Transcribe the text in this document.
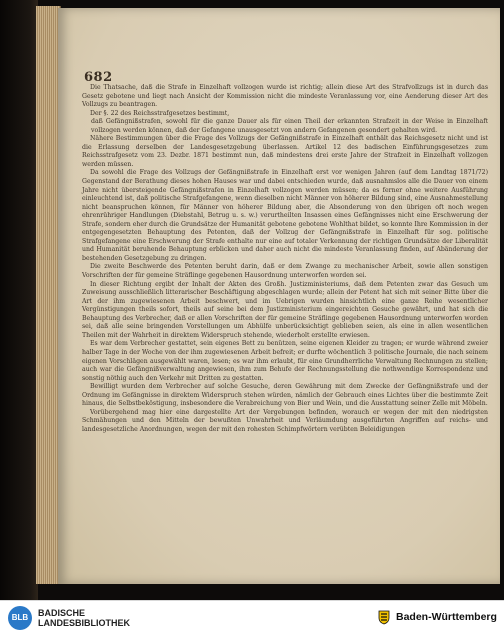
682

Die Thatsache, daß die Strafe in Einzelhaft vollzogen wurde ist richtig; allein diese Art des Strafvollzugs ist in durch das Gesetz gebotene und liegt nach Ansicht der Kommission nicht die mindeste Veranlassung vor, eine Aenderung dieser Art des Vollzugs zu beantragen.

Der §. 22 des Reichsstrafgesetzes bestimmt,

daß Gefängnißstrafen, sowohl für die ganze Dauer als für einen Theil der erkannten Strafzeit in der Weise in Einzelhaft vollzogen werden können, daß der Gefangene unausgesetzt von andern Gefangenen gesondert gehalten wird.

Nähere Bestimmungen über die Frage des Vollzugs der Gefängnißstrafe in Einzelhaft enthält das Reichsgesetz nicht und ist die Erlassung derselben der Landesgesetzgebung überlassen. Artikel 12 des badischen Einführungsgesetzes zum Reichsstrafgesetz vom 23. Dezbr. 1871 bestimmt nun, daß mindestens drei erste Jahre der Strafzeit in Einzelhaft vollzogen werden müssen.

Da sowohl die Frage des Vollzugs der Gefängnißstrafe in Einzelhaft erst vor wenigen Jahren (auf dem Landtag 1871/72) Gegenstand der Berathung dieses hohen Hauses war und dabei entschieden wurde, daß ausnahmslos alle die Dauer von einem Jahre nicht übersteigende Gefängnißstrafen in Einzelhaft vollzogen werden müssen; da es ferner ohne weitere Ausführung einleuchtend ist, daß politische Strafgefangene, wenn dieselben nicht Männer von höherer Bildung sind, eine Ausnahmestellung nicht beanspruchen können, für Männer von höherer Bildung aber, die Absonderung von den übrigen oft noch wegen ehrenrühriger Handlungen (Diebstahl, Betrug u. s. w.) verurtheilten Insassen eines Gefängnisses nicht eine Erschwerung der Strafe, sondern eher durch die Grundsätze der Humanität gebotene gebotene Wohlthat bildet, so konnte Ihre Kommission in der entgegengesetzten Behauptung des Petenten, daß der Vollzug der Gefängnißstrafe in Einzelhaft für sog. politische Strafgefangene eine Erschwerung der Strafe enthalte nur eine auf totaler Verkennung der richtigen Grundsätze der Liberalität und Humanität beruhende Behauptung erblicken und daher auch nicht die mindeste Veranlassung finden, auf Abänderung der bestehenden Gesetzgebung zu dringen.

Die zweite Beschwerde des Petenten beruht darin, daß er dem Zwange zu mechanischer Arbeit, sowie allen sonstigen Vorschriften der für gemeine Sträflinge gegebenen Hausordnung unterworfen worden sei.

In dieser Richtung ergibt der Inhalt der Akten des Großh. Justizministeriums, daß dem Petenten zwar das Gesuch um Zuweisung ausschließlich litterarischer Beschäftigung abgeschlagen wurde; allein der Petent hat sich mit seiner Bitte über die Art der ihm zugewiesenen Arbeit beschwert, und im Uebrigen wurden hinsichtlich eine ganze Reihe wesentlicher Vergünstigungen theils sofort, theils auf seine bei dem Justizministerium eingereichten Gesuche gewährt, und hat sich die Behauptung des Verbrecher, daß er allen Vorschriften der für gemeine Sträflinge gegebenen Hausordnung unterworfen worden sei, daß alle seine bringenden Vorstellungen um Abhülfe unberücksichtigt geblieben seien, als eine in allen wesentlichen Theilen mit der Wahrheit in direktem Widerspruch stehende, wiederholt erstellte erwiesen.

Es war dem Verbrecher gestattet, sein eigenes Bett zu benützen, seine eigenen Kleider zu tragen; er wurde während zweier halber Tage in der Woche von der ihm zugewiesenen Arbeit befreit; er durfte wöchentlich 3 politische Journale, die nach seinem eigenen Vorschlägen ausgewählt waren, lesen; es war ihm erlaubt, für eine Grundherrliche Verwaltung Rechnungen zu stellen; auch war die Gefängnißverwaltung angewiesen, ihm zum Behufe der Rechnungsstellung die nothwendige Korrespondenz und sonstig nöthig auch den Verkehr mit Dritten zu gestatten.

Bewilligt wurden dem Verbrecher auf solche Gesuche, deren Gewährung mit dem Zwecke der Gefängnißstrafe und der Ordnung im Gefängnisse in direktem Widerspruch stehen würden, nämlich der Gebrauch eines Lichtes über die bestimmte Zeit hinaus, die Selbstbeköstigung, insbesondere die Verabreichung von Bier und Wein, und die Ausstattung seiner Zelle mit Möbeln.

Vorübergehend mag hier eine dargestellte Art der Vergebungen befinden, worauch er wegen der mit den niedrigsten Schmähungen und den Mitteln der bewußten Unwahrheit und Verläumdung ausgeführten Angriffen auf reichs- und landesgesetzliche Anordnungen, wegen der mit den rohesten Schimpfwörtern verübten Beleidigungen

BLB	BADISCHE
LANDESBIBLIOTHEK	Baden-Württemberg
